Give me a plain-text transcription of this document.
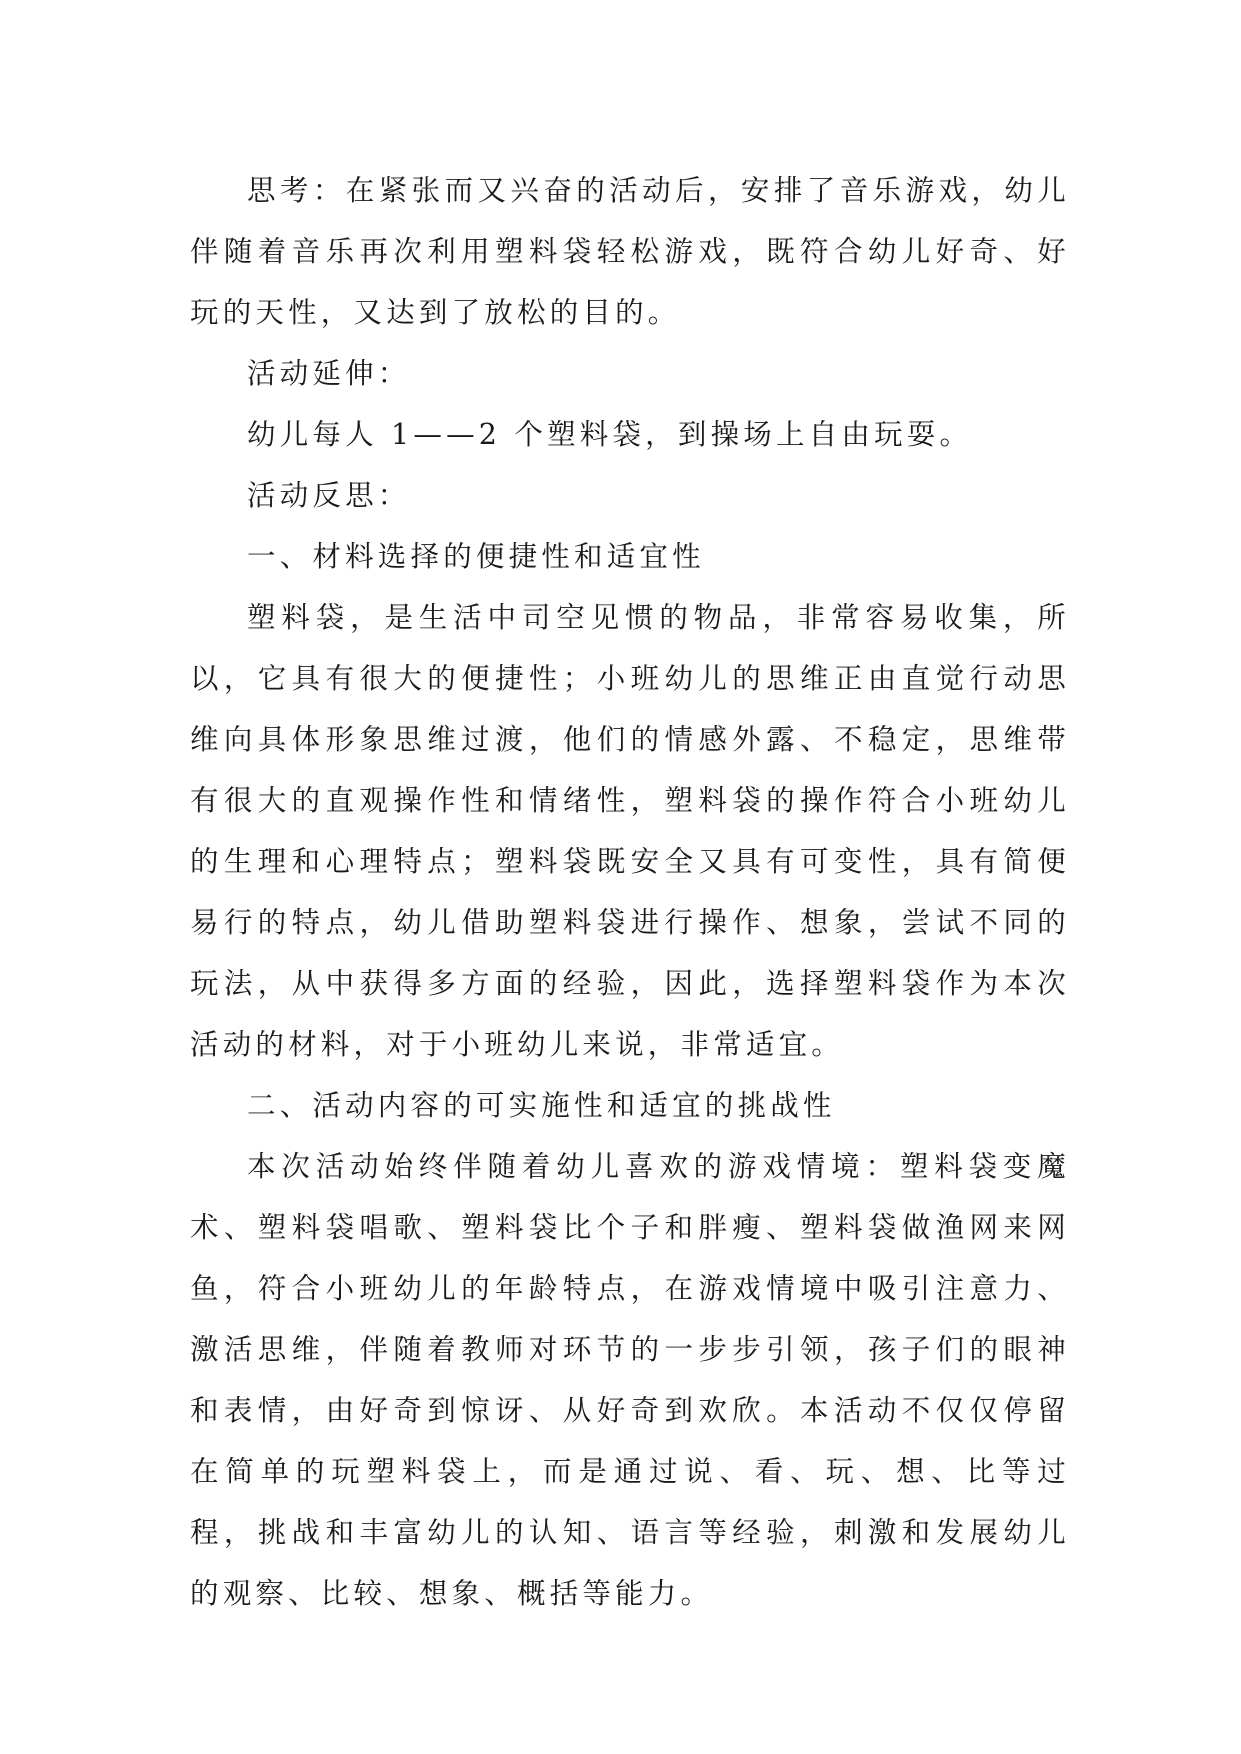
思考：在紧张而又兴奋的活动后，安排了音乐游戏，幼儿伴随着音乐再次利用塑料袋轻松游戏，既符合幼儿好奇、好玩的天性，又达到了放松的目的。

活动延伸：

幼儿每人 1——2 个塑料袋，到操场上自由玩耍。

活动反思：

一、材料选择的便捷性和适宜性

塑料袋，是生活中司空见惯的物品，非常容易收集，所以，它具有很大的便捷性；小班幼儿的思维正由直觉行动思维向具体形象思维过渡，他们的情感外露、不稳定，思维带有很大的直观操作性和情绪性，塑料袋的操作符合小班幼儿的生理和心理特点；塑料袋既安全又具有可变性，具有简便易行的特点，幼儿借助塑料袋进行操作、想象，尝试不同的玩法，从中获得多方面的经验，因此，选择塑料袋作为本次活动的材料，对于小班幼儿来说，非常适宜。

二、活动内容的可实施性和适宜的挑战性

本次活动始终伴随着幼儿喜欢的游戏情境：塑料袋变魔术、塑料袋唱歌、塑料袋比个子和胖瘦、塑料袋做渔网来网鱼，符合小班幼儿的年龄特点，在游戏情境中吸引注意力、激活思维，伴随着教师对环节的一步步引领，孩子们的眼神和表情，由好奇到惊讶、从好奇到欢欣。本活动不仅仅停留在简单的玩塑料袋上，而是通过说、看、玩、想、比等过程，挑战和丰富幼儿的认知、语言等经验，刺激和发展幼儿的观察、比较、想象、概括等能力。
